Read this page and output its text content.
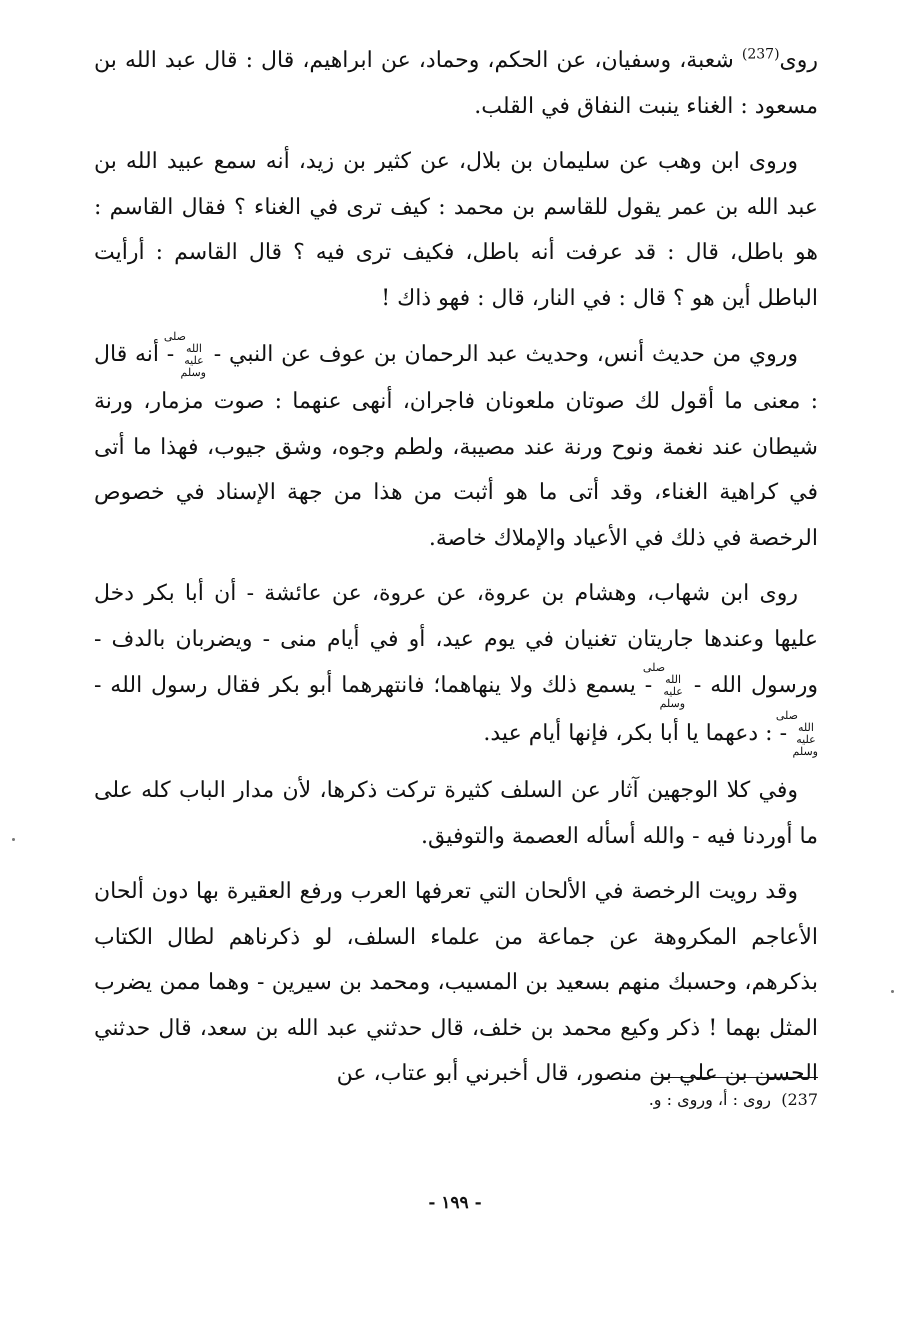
روى$^{(237)}$ شعبة، وسفيان، عن الحكم، وحماد، عن ابراهيم، قال : قال عبد الله بن مسعود : الغناء ينبت النفاق في القلب.

وروى ابن وهب عن سليمان بن بلال، عن كثير بن زيد، أنه سمع عبيد الله بن عبد الله بن عمر يقول للقاسم بن محمد : كيف ترى في الغناء ؟ فقال القاسم : هو باطل، قال : قد عرفت أنه باطل، فكيف ترى فيه ؟ قال القاسم : أرأيت الباطل أين هو ؟ قال : في النار، قال : فهو ذاك !

وروي من حديث أنس، وحديث عبد الرحمان بن عوف عن النبي - صلى الله عليه وسلم - أنه قال : معنى ما أقول لك صوتان ملعونان فاجران، أنهى عنهما : صوت مزمار، ورنة شيطان عند نغمة ونوح ورنة عند مصيبة، ولطم وجوه، وشق جيوب، فهذا ما أتى في كراهية الغناء، وقد أتى ما هو أثبت من هذا من جهة الإسناد في خصوص الرخصة في ذلك في الأعياد والإملاك خاصة.

روى ابن شهاب، وهشام بن عروة، عن عروة، عن عائشة - أن أبا بكر دخل عليها وعندها جاريتان تغنيان في يوم عيد، أو في أيام منى - ويضربان بالدف - ورسول الله - صلى الله عليه وسلم - يسمع ذلك ولا ينهاهما؛ فانتهرهما أبو بكر فقال رسول الله - صلى الله عليه وسلم - : دعهما يا أبا بكر، فإنها أيام عيد.

وفي كلا الوجهين آثار عن السلف كثيرة تركت ذكرها، لأن مدار الباب كله على ما أوردنا فيه - والله أسأله العصمة والتوفيق.

وقد رويت الرخصة في الألحان التي تعرفها العرب ورفع العقيرة بها دون ألحان الأعاجم المكروهة عن جماعة من علماء السلف، لو ذكرناهم لطال الكتاب بذكرهم، وحسبك منهم بسعيد بن المسيب، ومحمد بن سيرين - وهما ممن يضرب المثل بهما ! ذكر وكيع محمد بن خلف، قال حدثني عبد الله بن سعد، قال حدثني الحسن بن علي بن منصور، قال أخبرني أبو عتاب، عن

237)  روى : أ، وروى : و.
- ١٩٩ -
